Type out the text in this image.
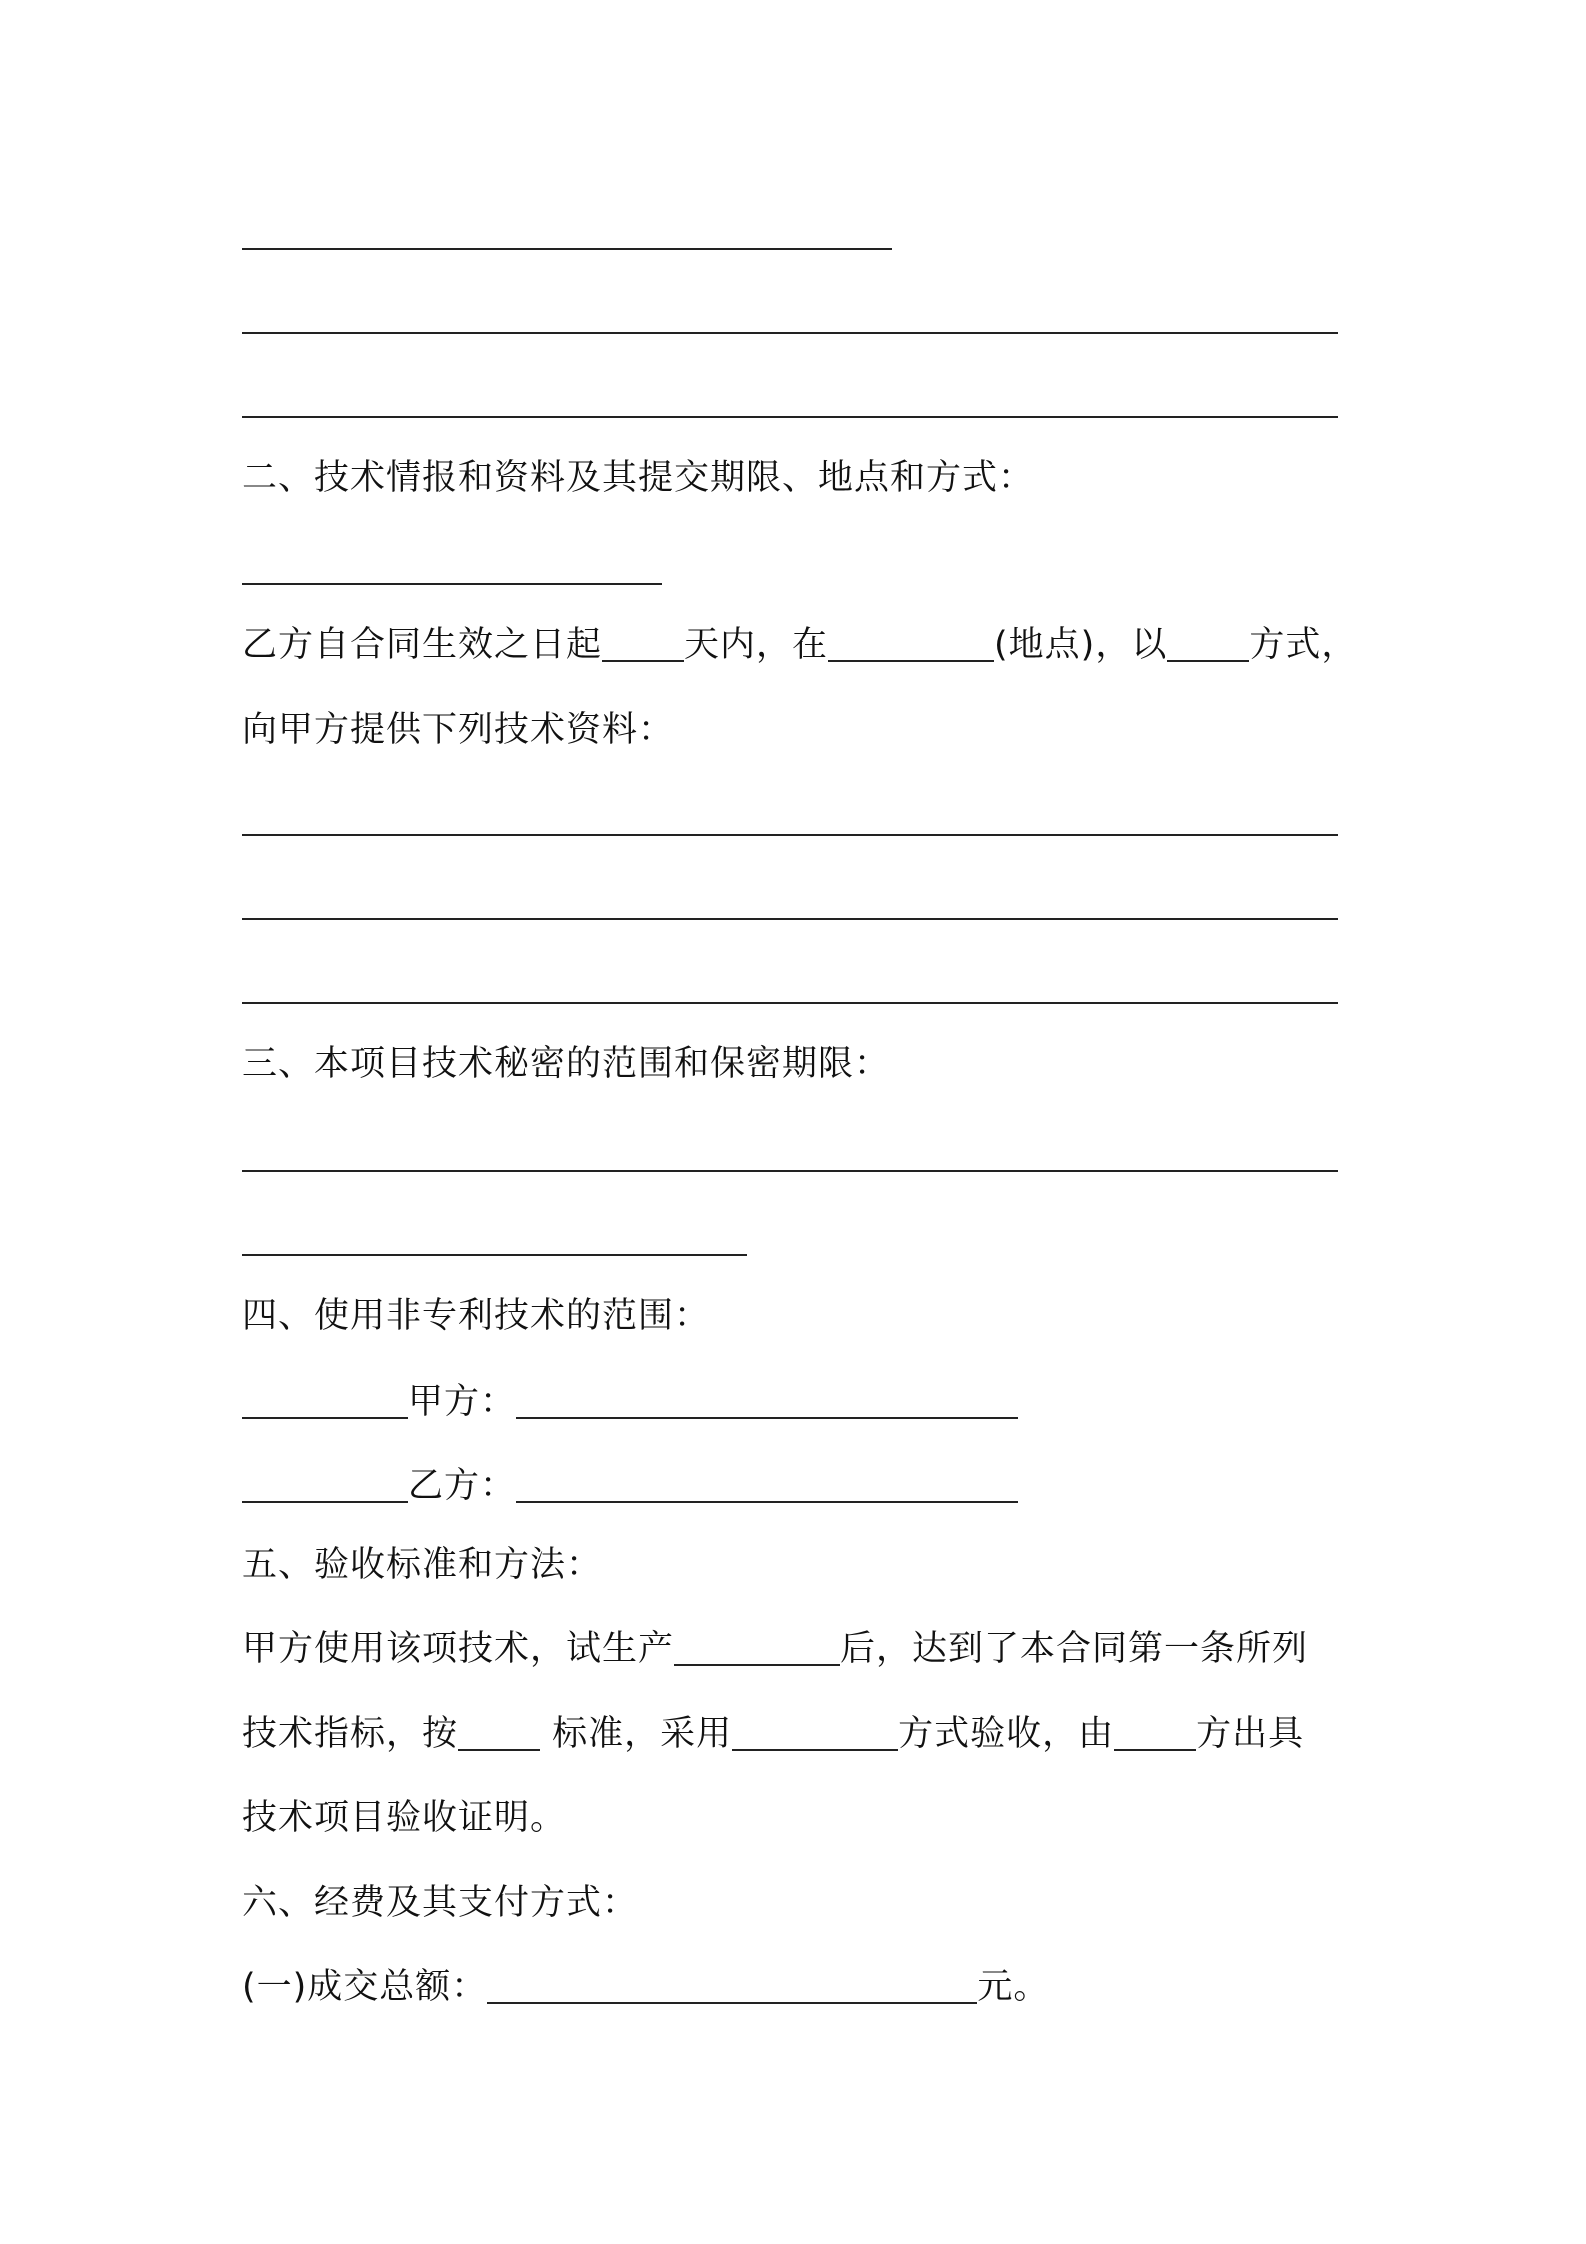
二、技术情报和资料及其提交期限、地点和方式：

乙方自合同生效之日起 天内，在	(地点)，以 方式，

向甲方提供下列技术资料：

三、本项目技术秘密的范围和保密期限：

四、使用非专利技术的范围：

甲方：

乙方：

五、验收标准和方法：

甲方使用该项技术，试生产	后，达到了本合同第一条所列

技术指标，按 标准，采用	方式验收，由 方出具

技术项目验收证明。

六、经费及其支付方式：

(一)成交总额：	元。
